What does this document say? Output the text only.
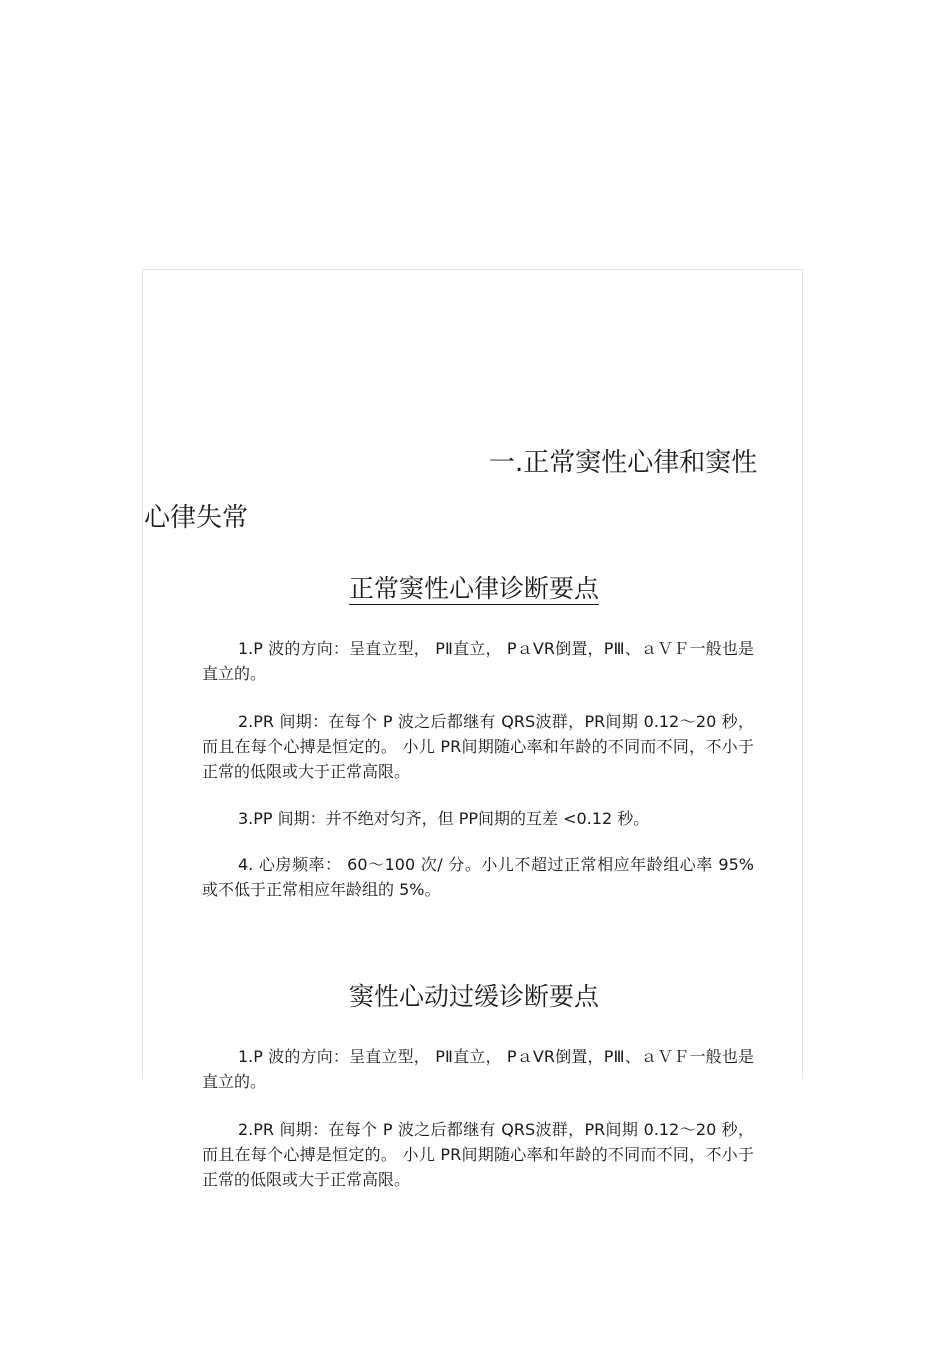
一.正常窦性心律和窦性
心律失常
正常窦性心律诊断要点
1.P 波的方向：呈直立型， PⅡ直立， PａVR倒置，PⅢ、ａＶＦ一般也是直立的。
2.PR 间期：在每个 P 波之后都继有 QRS波群，PR间期 0.12～20 秒，而且在每个心搏是恒定的。 小儿 PR间期随心率和年龄的不同而不同，不小于正常的低限或大于正常高限。
3.PP 间期：并不绝对匀齐，但 PP间期的互差 <0.12 秒。
4. 心房频率： 60～100 次/ 分。小儿不超过正常相应年龄组心率 95%或不低于正常相应年龄组的 5%。
窦性心动过缓诊断要点
1.P 波的方向：呈直立型， PⅡ直立， PａVR倒置，PⅢ、ａＶＦ一般也是直立的。
2.PR 间期：在每个 P 波之后都继有 QRS波群，PR间期 0.12～20 秒，而且在每个心搏是恒定的。 小儿 PR间期随心率和年龄的不同而不同，不小于正常的低限或大于正常高限。
